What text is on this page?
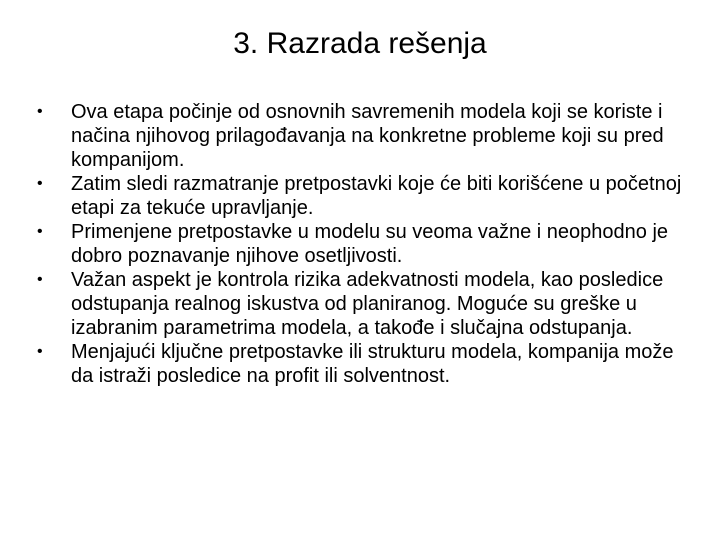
3. Razrada rešenja
•	Ova etapa počinje od osnovnih savremenih modela koji se koriste i načina njihovog prilagođavanja na konkretne probleme koji su pred kompanijom.
•	Zatim sledi razmatranje pretpostavki koje će biti korišćene u početnoj etapi za tekuće upravljanje.
•	Primenjene pretpostavke u modelu su veoma važne i neophodno je dobro poznavanje njihove osetljivosti.
•	Važan aspekt je kontrola rizika adekvatnosti modela, kao posledice odstupanja realnog iskustva od planiranog. Moguće su greške u izabranim parametrima modela, a takođe i slučajna odstupanja.
•	Menjajući ključne pretpostavke ili strukturu modela, kompanija može da istraži posledice na profit ili solventnost.
